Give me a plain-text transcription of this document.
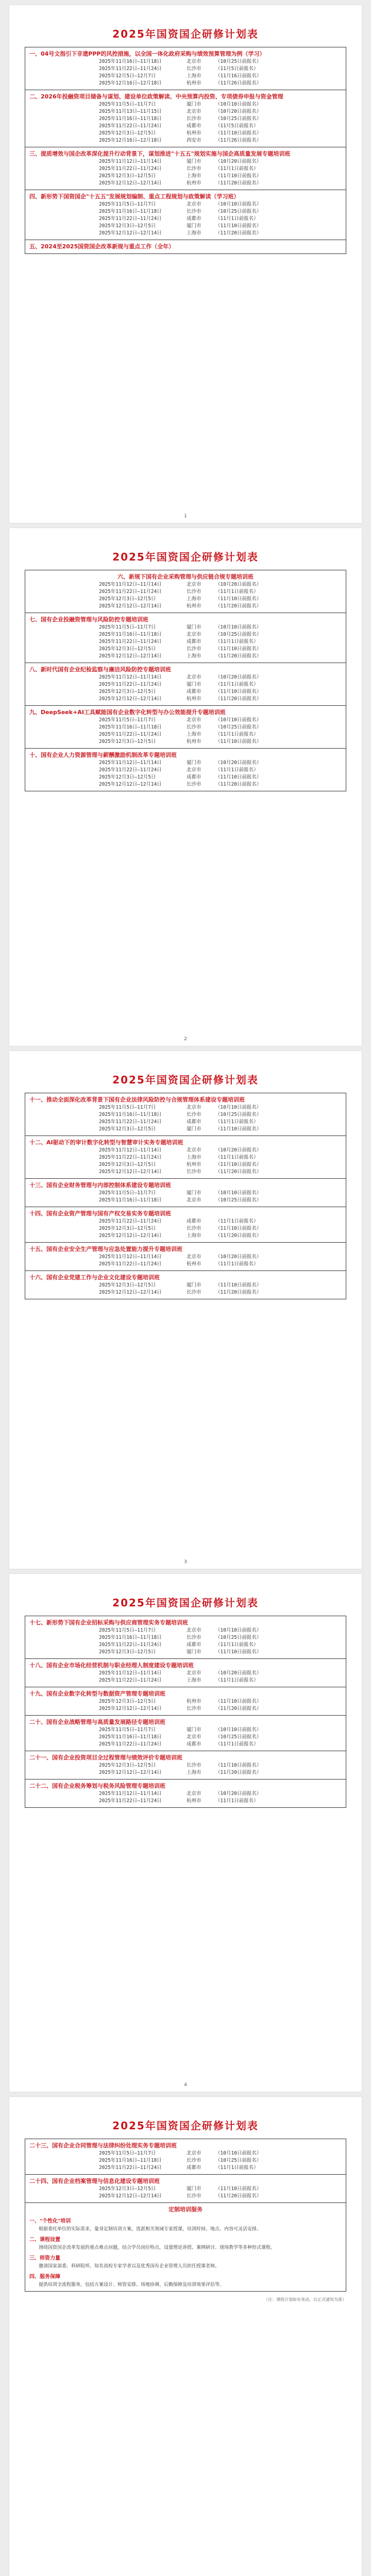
2025年国资国企研修计划表
一、04号文指引下非遗PPP的风控措施，以全国一体化政府采购与绩效预算管理为例（学习）
2025年11月16日—11月18日	北京市	（10月25日前报名）
2025年11月22日—11月24日	长沙市	（11月5日前报名）
2025年12月5日—12月7日	上海市	（11月16日前报名）
2025年12月16日—12月18日	杭州市	（11月26日前报名）
二、2026年投融资项目储备与谋划、建设单位政策解读、中央预算内投资、专项债券申报与资金管理
2025年11月5日—11月7日	厦门市	（10月10日前报名）
2025年11月13日—11月15日	北京市	（10月20日前报名）
2025年11月16日—11月18日	长沙市	（10月25日前报名）
2025年11月22日—11月24日	成都市	（11月5日前报名）
2025年12月3日—12月5日	杭州市	（11月10日前报名）
2025年12月16日—12月18日	西安市	（11月26日前报名）
三、提质增效与国企改革深化提升行动背景下，谋划推进"十五五"规划实施与国企高质量发展专题培训班
2025年11月12日—11月14日	厦门市	（10月20日前报名）
2025年11月22日—11月24日	长沙市	（11月1日前报名）
2025年12月3日—12月5日	上海市	（11月10日前报名）
2025年12月12日—12月14日	杭州市	（11月20日前报名）
四、新形势下国资国企"十五五"发展规划编制、重点工程规划与政策解读（学习班）
2025年11月5日—11月7日	北京市	（10月10日前报名）
2025年11月16日—11月18日	长沙市	（10月25日前报名）
2025年11月22日—11月24日	成都市	（11月1日前报名）
2025年12月3日—12月5日	厦门市	（11月10日前报名）
2025年12月12日—12月14日	上海市	（11月20日前报名）
五、2024至2025国资国企改革新规与重点工作（全年）
1
2025年国资国企研修计划表
六、新规下国有企业采购管理与供应链合规专题培训班
2025年11月12日—11月14日	北京市	（10月20日前报名）
2025年11月22日—11月24日	长沙市	（11月1日前报名）
2025年12月3日—12月5日	上海市	（11月10日前报名）
2025年12月12日—12月14日	杭州市	（11月20日前报名）
七、国有企业投融资管理与风险防控专题培训班
2025年11月5日—11月7日	厦门市	（10月10日前报名）
2025年11月16日—11月18日	北京市	（10月25日前报名）
2025年11月22日—11月24日	成都市	（11月1日前报名）
2025年12月3日—12月5日	长沙市	（11月10日前报名）
2025年12月12日—12月14日	上海市	（11月20日前报名）
八、新时代国有企业纪检监察与廉洁风险防控专题培训班
2025年11月12日—11月14日	北京市	（10月20日前报名）
2025年11月22日—11月24日	厦门市	（11月1日前报名）
2025年12月3日—12月5日	成都市	（11月10日前报名）
2025年12月12日—12月14日	杭州市	（11月20日前报名）
九、DeepSeek+AI工具赋能国有企业数字化转型与办公效能提升专题培训班
2025年11月5日—11月7日	北京市	（10月10日前报名）
2025年11月16日—11月18日	长沙市	（10月25日前报名）
2025年11月22日—11月24日	上海市	（11月1日前报名）
2025年12月3日—12月5日	杭州市	（11月10日前报名）
十、国有企业人力资源管理与薪酬激励机制改革专题培训班
2025年11月12日—11月14日	厦门市	（10月20日前报名）
2025年11月22日—11月24日	北京市	（11月1日前报名）
2025年12月3日—12月5日	成都市	（11月10日前报名）
2025年12月12日—12月14日	长沙市	（11月20日前报名）
2
2025年国资国企研修计划表
十一、推动全面深化改革背景下国有企业法律风险防控与合规管理体系建设专题培训班
2025年11月5日—11月7日	北京市	（10月10日前报名）
2025年11月16日—11月18日	长沙市	（10月25日前报名）
2025年11月22日—11月24日	成都市	（11月1日前报名）
2025年12月3日—12月5日	厦门市	（11月10日前报名）
十二、AI驱动下的审计数字化转型与智慧审计实务专题培训班
2025年11月12日—11月14日	北京市	（10月20日前报名）
2025年11月22日—11月24日	上海市	（11月1日前报名）
2025年12月3日—12月5日	杭州市	（11月10日前报名）
2025年12月12日—12月14日	长沙市	（11月20日前报名）
十三、国有企业财务管理与内部控制体系建设专题培训班
2025年11月5日—11月7日	厦门市	（10月10日前报名）
2025年11月16日—11月18日	北京市	（10月25日前报名）
十四、国有企业资产管理与国有产权交易实务专题培训班
2025年11月22日—11月24日	成都市	（11月1日前报名）
2025年12月3日—12月5日	长沙市	（11月10日前报名）
2025年12月12日—12月14日	上海市	（11月20日前报名）
十五、国有企业安全生产管理与应急处置能力提升专题培训班
2025年11月12日—11月14日	北京市	（10月20日前报名）
2025年11月22日—11月24日	杭州市	（11月1日前报名）
十六、国有企业党建工作与企业文化建设专题培训班
2025年12月3日—12月5日	厦门市	（11月10日前报名）
2025年12月12日—12月14日	长沙市	（11月20日前报名）
3
2025年国资国企研修计划表
十七、新形势下国有企业招标采购与供应商管理实务专题培训班
2025年11月5日—11月7日	北京市	（10月10日前报名）
2025年11月16日—11月18日	长沙市	（10月25日前报名）
2025年11月22日—11月24日	成都市	（11月1日前报名）
2025年12月3日—12月5日	厦门市	（11月10日前报名）
十八、国有企业市场化经营机制与职业经理人制度建设专题培训班
2025年11月12日—11月14日	北京市	（10月20日前报名）
2025年11月22日—11月24日	上海市	（11月1日前报名）
十九、国有企业数字化转型与数据资产管理专题培训班
2025年12月3日—12月5日	杭州市	（11月10日前报名）
2025年12月12日—12月14日	长沙市	（11月20日前报名）
二十、国有企业战略管理与高质量发展路径专题培训班
2025年11月5日—11月7日	厦门市	（10月10日前报名）
2025年11月16日—11月18日	北京市	（10月25日前报名）
2025年11月22日—11月24日	成都市	（11月1日前报名）
二十一、国有企业投资项目全过程管理与绩效评价专题培训班
2025年12月3日—12月5日	长沙市	（11月10日前报名）
2025年12月12日—12月14日	上海市	（11月20日前报名）
二十二、国有企业税务筹划与税务风险管理专题培训班
2025年11月12日—11月14日	北京市	（10月20日前报名）
2025年11月22日—11月24日	杭州市	（11月1日前报名）
4
2025年国资国企研修计划表
二十三、国有企业合同管理与法律纠纷处理实务专题培训班
2025年11月5日—11月7日	北京市	（10月10日前报名）
2025年11月16日—11月18日	长沙市	（10月25日前报名）
2025年11月22日—11月24日	成都市	（11月1日前报名）
二十四、国有企业档案管理与信息化建设专题培训班
2025年12月3日—12月5日	厦门市	（11月10日前报名）
2025年12月12日—12月14日	长沙市	（11月20日前报名）
定制培训服务
一、"个性化"培训
根据委托单位的实际需求，量身定制培训方案，选派相关领域专家授课，培训时间、地点、内容可灵活安排。
二、课程设置
围绕国资国企改革发展的重点难点问题，结合学员岗位特点，设置理论讲授、案例研讨、现场教学等多种形式课程。
三、师资力量
邀请国家部委、科研院所、知名高校专家学者以及优秀国有企业管理人员担任授课老师。
四、服务保障
提供培训全流程服务，包括方案设计、师资安排、场地协调、后勤保障及培训效果评估等。
（注：课程计划如有变动，以正式通知为准）
